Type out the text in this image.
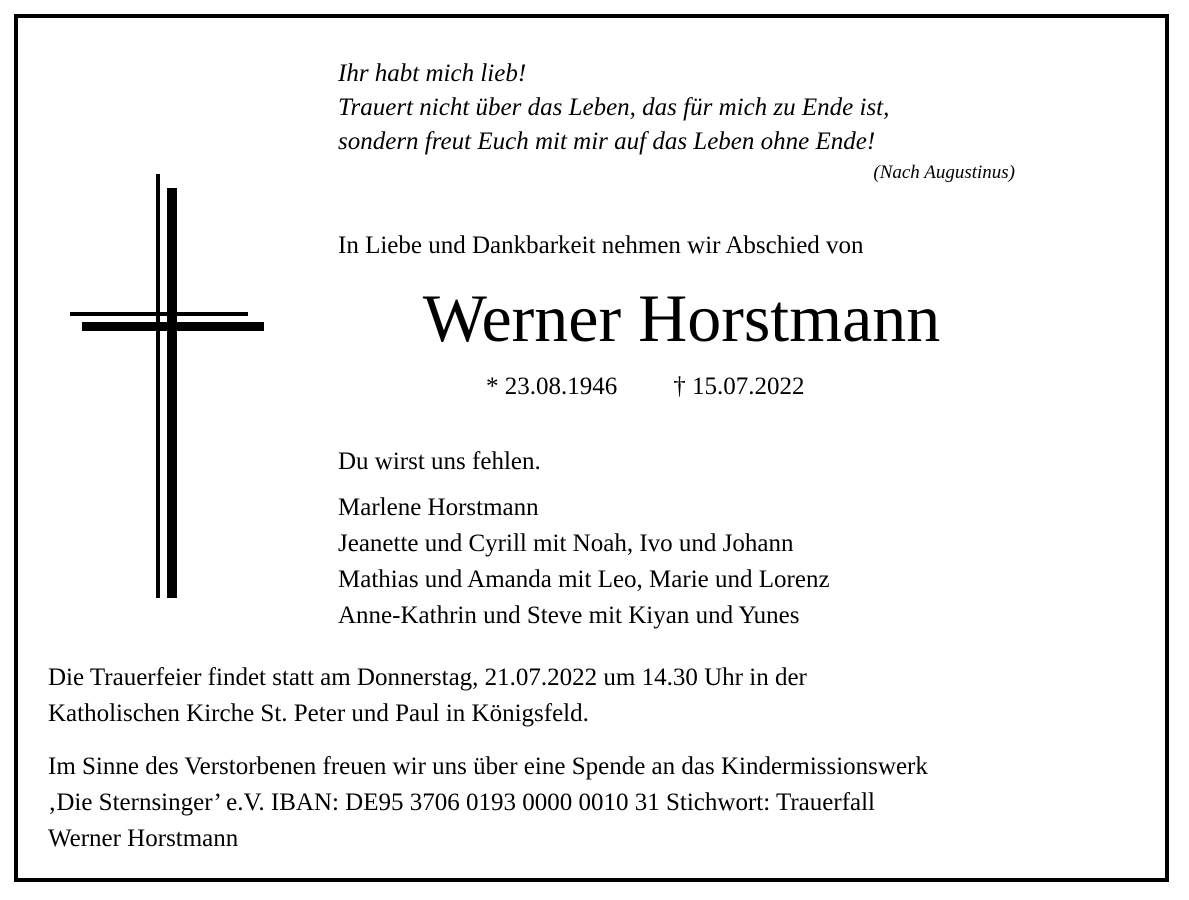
Ihr habt mich lieb!
Trauert nicht über das Leben, das für mich zu Ende ist,
sondern freut Euch mit mir auf das Leben ohne Ende!
(Nach Augustinus)
In Liebe und Dankbarkeit nehmen wir Abschied von
Werner Horstmann
* 23.08.1946 † 15.07.2022
Du wirst uns fehlen.
Marlene Horstmann
Jeanette und Cyrill mit Noah, Ivo und Johann
Mathias und Amanda mit Leo, Marie und Lorenz
Anne-Kathrin und Steve mit Kiyan und Yunes
Die Trauerfeier findet statt am Donnerstag, 21.07.2022 um 14.30 Uhr in der
Katholischen Kirche St. Peter und Paul in Königsfeld.
Im Sinne des Verstorbenen freuen wir uns über eine Spende an das Kindermissionswerk
‚Die Sternsinger’ e.V. IBAN: DE95 3706 0193 0000 0010 31 Stichwort: Trauerfall
Werner Horstmann
